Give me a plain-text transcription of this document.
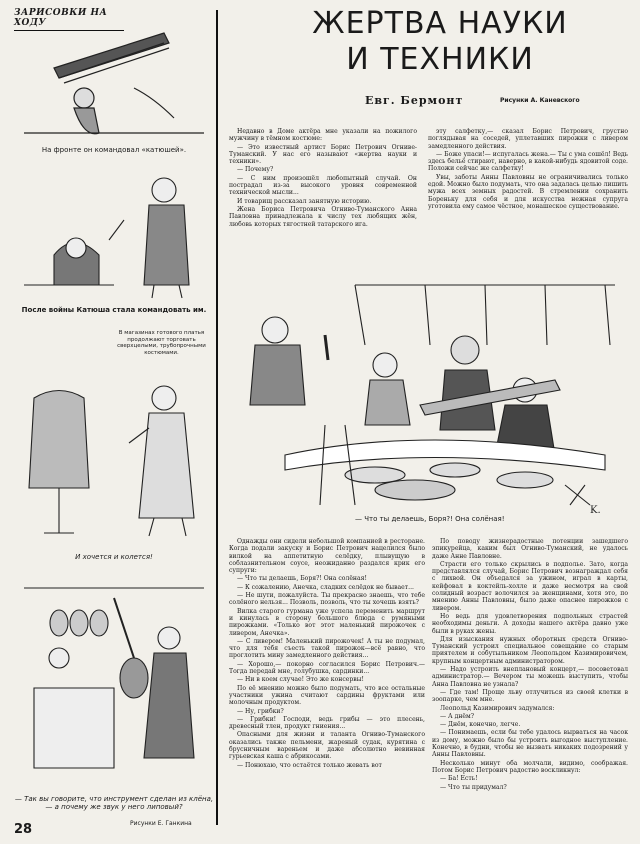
ЗАРИСОВКИ НА ХОДУ
На фронте он командовал «катюшей».
После войны Катюша стала командовать им.
В магазинах готового платья продолжают торговать сверхцелыми, трубопрочными костюмами.
И хочется и колется!
— Так вы говорите, что инструмент сделан из клёна,— а почему же звук у него липовый?
28	Рисунки Е. Ганкина
ЖЕРТВА НАУКИ
И ТЕХНИКИ
Евг. Бермонт	Рисунки А. Каневского

Недавно в Доме актёра мне указали на пожилого мужчину в тёмном костюме:

— Это известный артист Борис Петрович Огниве-Туманский. У нас его называют «жертва науки и техники».

— Почему?

— С ним произошёл любопытный случай. Он пострадал из-за высокого уровня современной технической мысли...

И товарищ рассказал занятную историю.

Жена Бориса Петровича Огниво-Туманского Анна Павловна принадлежала к числу тех любящих жён, любовь которых тягостней татарского ига.

эту салфетку,— сказал Борис Петрович, грустно поглядывая на соседей, уплетавших пирожки с ливером замедленного действия.

— Боже упаси!— испугалась жена.— Ты с ума сошёл! Ведь здесь бельё стирают, наверно, в какой-нибудь ядовитой соде. Положи сейчас же салфетку!

Увы, заботы Анны Павловны не ограничивались только едой. Можно было подумать, что она задалась целью лишить мужа всех земных радостей. В стремлении сохранить Бореньку для себя и для искусства нежная супруга уготовила ему самое чёстное, монашеское существование.

K.
— Что ты делаешь, Боря?! Она солёная!

Однажды они сидели небольшой компанией в ресторане. Когда подали закуску и Борис Петрович нацелился было вилкой на аппетитную селёдку, плывущую в соблазнительном соусе, неожиданно раздался крик его супруги:

— Что ты делаешь, Боря?! Она солёная!

— К сожалению, Анечка, сладких селёдок не бывает...

— Не шути, пожалуйста. Ты прекрасно знаешь, что тебе солёного нельзя... Позволь, позволь, что ты хочешь взять?

Вилка старого гурмана уже успела переменить маршрут и кинулась в сторону большого блюда с румяными пирожками. «Только вот этот маленький пирожочек с ливером, Анечка».

— С ливером! Маленький пирожочек! А ты не подумал, что для тебя съесть такой пирожок—всё равно, что проглотить мину замедленного действия...

— Хорошо,— покорно согласился Борис Петрович.— Тогда передай мне, голубушка, сардинки...

— Ни в коем случае! Это же консервы!

По её мнению можно было подумать, что все остальные участники ужина считают сардины фруктами или молочным продуктом.

— Ну, грибки?

— Грибки! Господи, ведь грибы — это плесень, древесный тлен, продукт гниения...

Опасными для жизни и таланта Огниво-Туманского оказались также пельмени, жареный судак, курятина с брусничным вареньем и даже абсолютно невинная гурьевская каша с абрикосами.

— Понюхаю, что остаётся только жевать вот

По поводу жизнерадостные потенции зашедшего эпикурейца, каким был Огниво-Туманский, не удалось даже Анне Павловне.

Страсти его только скрылись в подполье. Зато, когда представлялся случай, Борис Петрович вознаграждал себя с лихвой. Он объедался за ужином, играл в карты, кейфовал в коктейль-холле и даже несмотря на свой солидный возраст волочился за женщинами, хотя это, по мнению Анны Павловны, было даже опаснее пирожков с ливером.

Но ведь для удовлетворения подпольных страстей необходимы деньги. А доходы нашего актёра давно уже были в руках жены.

Для изыскания нужных оборотных средств Огниво-Туманский устроил специальное совещание со старым приятелем и собутыльником Леопольдом Казимировичем, крупным концертным администратором.

— Надо устроить внеплановый концерт,— посоветовал администратор.— Вечером ты можешь выступить, чтобы Анна Павловна не узнала?

— Где там! Проще льву отлучиться из своей клетки в зоопарке, чем мне.

Леопольд Казимирович задумался:

— А днём?

— Днём, конечно, легче.

— Понимаешь, если бы тебе удалось вырваться на часок из дому, можно было бы устроить выгодное выступление. Конечно, в будни, чтобы не вызвать никаких подозрений у Анны Павловны.

Несколько минут оба молчали, видимо, соображая. Потом Борис Петрович радостно воскликнул:

— Ба! Есть!

— Что ты придумал?
